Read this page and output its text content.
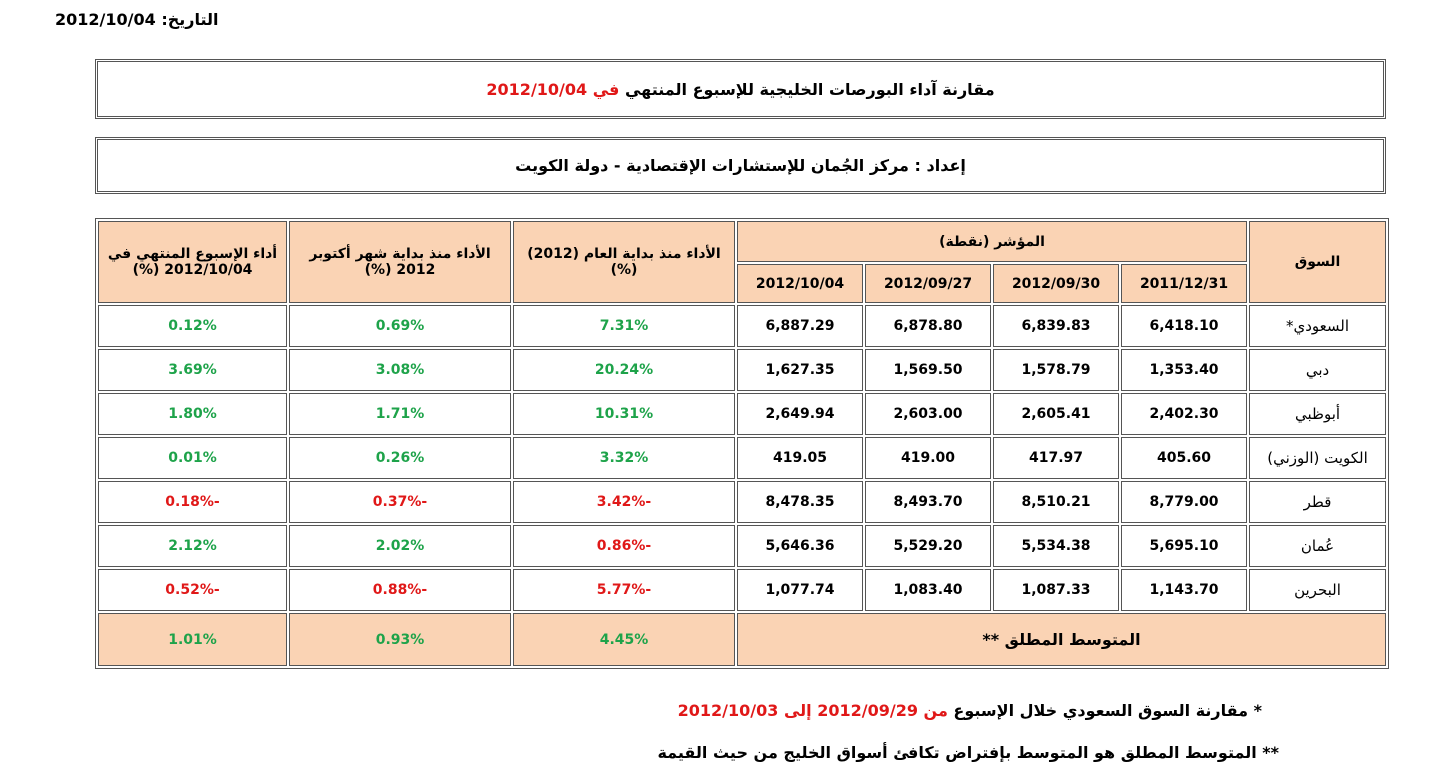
التاريخ: 2012/10/04
مقارنة آداء البورصات الخليجية للإسبوع المنتهي في 2012/10/04
إعداد : مركز الجُمان للإستشارات الإقتصادية - دولة الكويت
السوق	المؤشر (نقطة)				الأداء منذ بداية العام (2012) (%)	الأداء منذ بداية شهر أكتوبر 2012 (%)	أداء الإسبوع المنتهي في 2012/10/04 (%)
	2011/12/31	2012/09/30	2012/09/27	2012/10/04			
السعودي*	6,418.10	6,839.83	6,878.80	6,887.29	7.31%	0.69%	0.12%
دبي	1,353.40	1,578.79	1,569.50	1,627.35	20.24%	3.08%	3.69%
أبوظبي	2,402.30	2,605.41	2,603.00	2,649.94	10.31%	1.71%	1.80%
الكويت (الوزني)	405.60	417.97	419.00	419.05	3.32%	0.26%	0.01%
قطر	8,779.00	8,510.21	8,493.70	8,478.35	-3.42%	-0.37%	-0.18%
عُمان	5,695.10	5,534.38	5,529.20	5,646.36	-0.86%	2.02%	2.12%
البحرين	1,143.70	1,087.33	1,083.40	1,077.74	-5.77%	-0.88%	-0.52%
المتوسط المطلق **					4.45%	0.93%	1.01%
* مقارنة السوق السعودي خلال الإسبوع من 2012/09/29 إلى 2012/10/03
** المتوسط المطلق هو المتوسط بإفتراض تكافئ أسواق الخليج من حيث القيمة
